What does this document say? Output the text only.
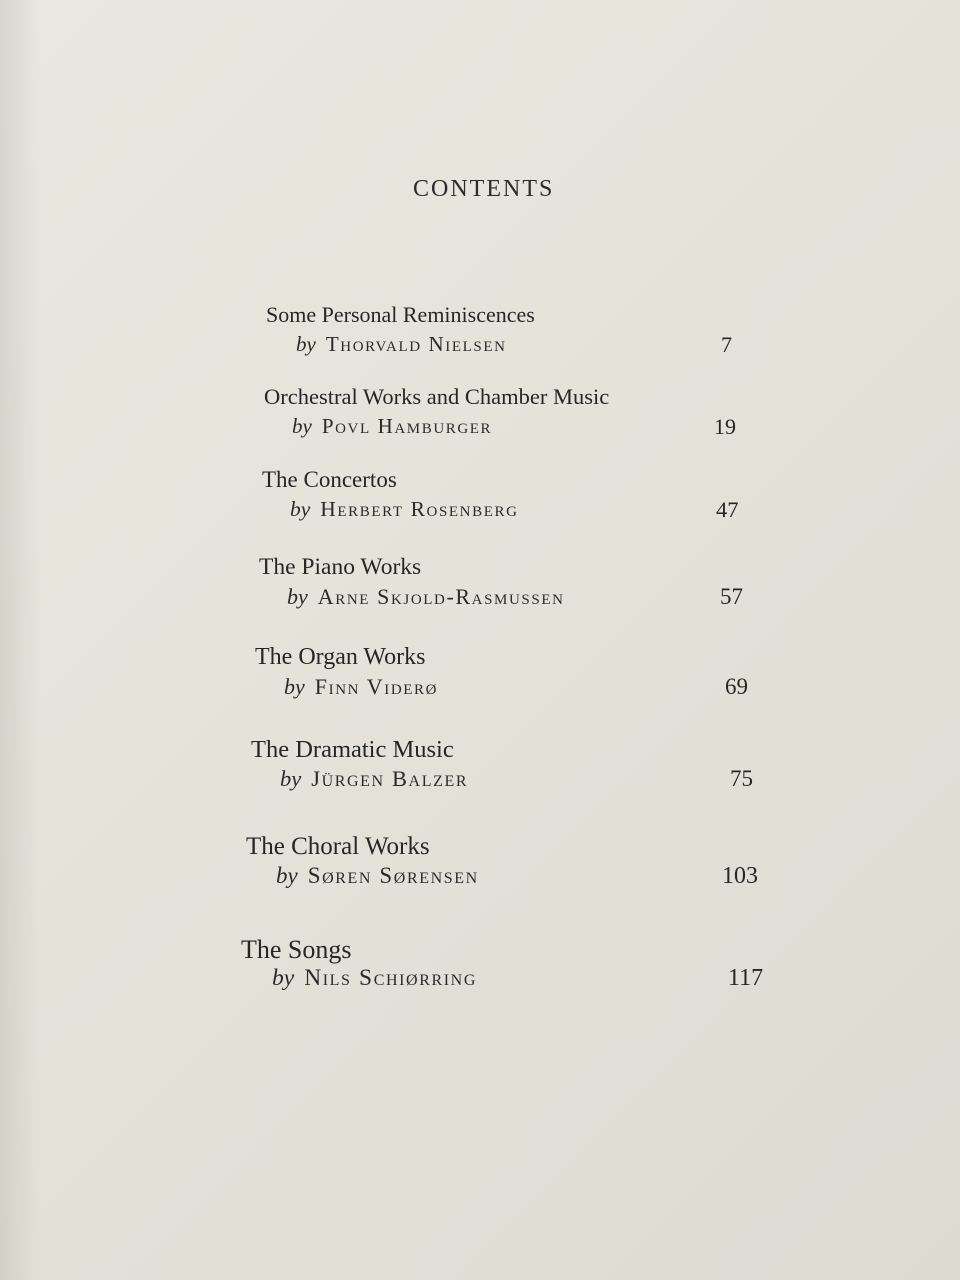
CONTENTS
Some Personal Reminiscences
by Thorvald Nielsen	7
Orchestral Works and Chamber Music
by Povl Hamburger	19
The Concertos
by Herbert Rosenberg	47
The Piano Works
by Arne Skjold-Rasmussen	57
The Organ Works
by Finn Viderø	69
The Dramatic Music
by Jürgen Balzer	75
The Choral Works
by Søren Sørensen	103
The Songs
by Nils Schiørring	117
